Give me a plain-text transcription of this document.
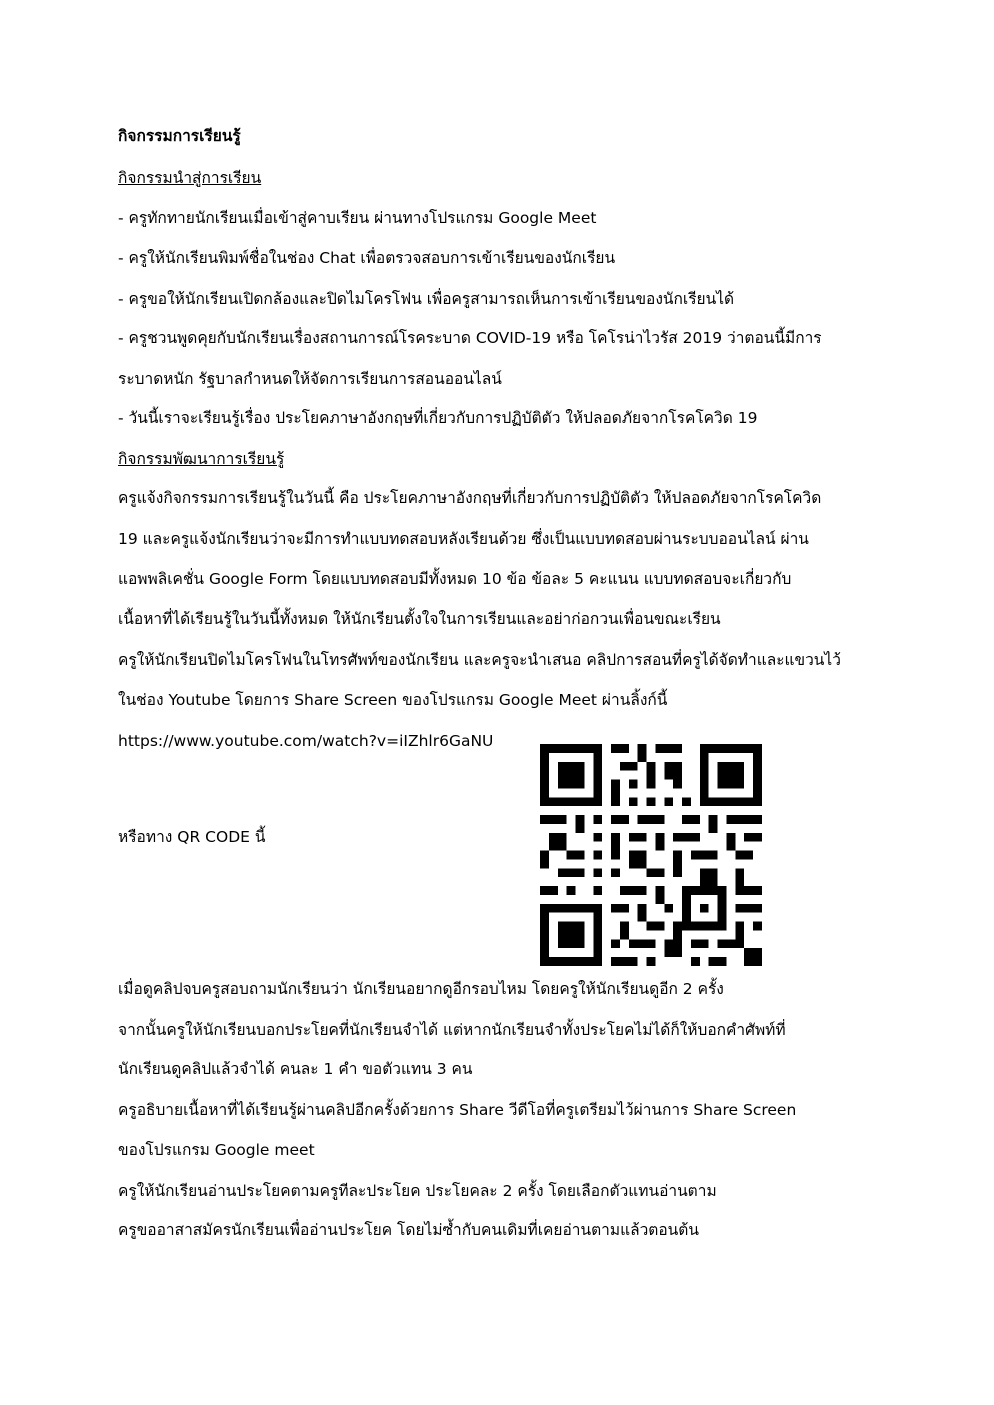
กิจกรรมการเรียนรู้
กิจกรรมนำสู่การเรียน
- ครูทักทายนักเรียนเมื่อเข้าสู่คาบเรียน ผ่านทางโปรแกรม Google Meet
- ครูให้นักเรียนพิมพ์ชื่อในช่อง Chat เพื่อตรวจสอบการเข้าเรียนของนักเรียน
- ครูขอให้นักเรียนเปิดกล้องและปิดไมโครโฟน เพื่อครูสามารถเห็นการเข้าเรียนของนักเรียนได้
- ครูชวนพูดคุยกับนักเรียนเรื่องสถานการณ์โรคระบาด COVID-19 หรือ โคโรน่าไวรัส 2019 ว่าตอนนี้มีการ
ระบาดหนัก รัฐบาลกำหนดให้จัดการเรียนการสอนออนไลน์
- วันนี้เราจะเรียนรู้เรื่อง ประโยคภาษาอังกฤษที่เกี่ยวกับการปฏิบัติตัว ให้ปลอดภัยจากโรคโควิด 19
กิจกรรมพัฒนาการเรียนรู้
ครูแจ้งกิจกรรมการเรียนรู้ในวันนี้ คือ ประโยคภาษาอังกฤษที่เกี่ยวกับการปฏิบัติตัว ให้ปลอดภัยจากโรคโควิด
19 และครูแจ้งนักเรียนว่าจะมีการทำแบบทดสอบหลังเรียนด้วย ซึ่งเป็นแบบทดสอบผ่านระบบออนไลน์ ผ่าน
แอพพลิเคชั่น Google Form โดยแบบทดสอบมีทั้งหมด 10 ข้อ ข้อละ 5 คะแนน แบบทดสอบจะเกี่ยวกับ
เนื้อหาที่ได้เรียนรู้ในวันนี้ทั้งหมด ให้นักเรียนตั้งใจในการเรียนและอย่าก่อกวนเพื่อนขณะเรียน
ครูให้นักเรียนปิดไมโครโฟนในโทรศัพท์ของนักเรียน และครูจะนำเสนอ คลิปการสอนที่ครูได้จัดทำและแขวนไว้
ในช่อง Youtube โดยการ Share Screen ของโปรแกรม Google Meet ผ่านลิ้งก์นี้
https://www.youtube.com/watch?v=iIZhlr6GaNU
หรือทาง QR CODE นี้
เมื่อดูคลิปจบครูสอบถามนักเรียนว่า นักเรียนอยากดูอีกรอบไหม โดยครูให้นักเรียนดูอีก 2 ครั้ง
จากนั้นครูให้นักเรียนบอกประโยคที่นักเรียนจำได้ แต่หากนักเรียนจำทั้งประโยคไม่ได้ก็ให้บอกคำศัพท์ที่
นักเรียนดูคลิปแล้วจำได้ คนละ 1 คำ ขอตัวแทน 3 คน
ครูอธิบายเนื้อหาที่ได้เรียนรู้ผ่านคลิปอีกครั้งด้วยการ Share วีดีโอที่ครูเตรียมไว้ผ่านการ Share Screen
ของโปรแกรม Google meet
ครูให้นักเรียนอ่านประโยคตามครูทีละประโยค ประโยคละ 2 ครั้ง โดยเลือกตัวแทนอ่านตาม
ครูขออาสาสมัครนักเรียนเพื่ออ่านประโยค โดยไม่ซ้ำกับคนเดิมที่เคยอ่านตามแล้วตอนต้น
